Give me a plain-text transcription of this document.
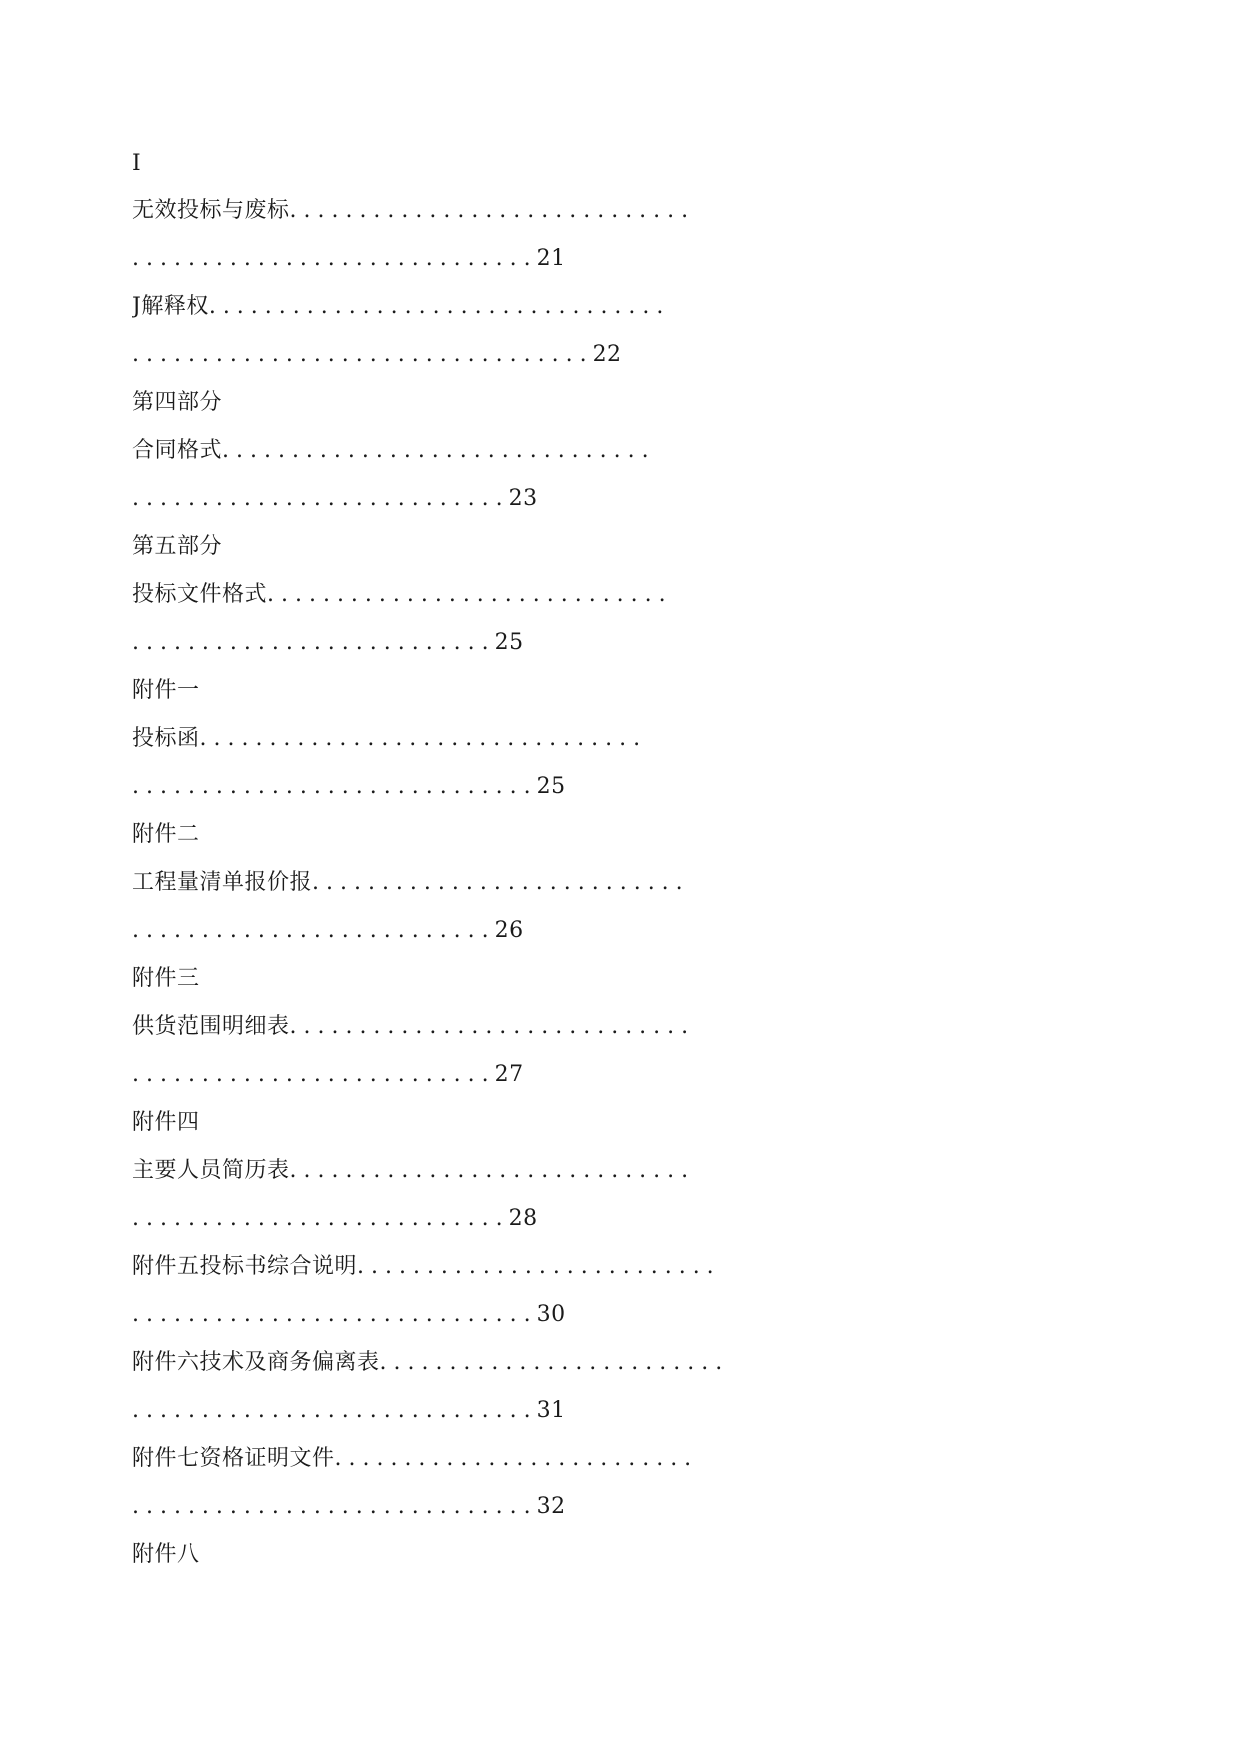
I
无效投标与废标. . . . . . . . . . . . . . . . . . . . . . . . . . . . .
. . . . . . . . . . . . . . . . . . . . . . . . . . . . . 21
J解释权. . . . . . . . . . . . . . . . . . . . . . . . . . . . . . . . .
. . . . . . . . . . . . . . . . . . . . . . . . . . . . . . . . . 22
第四部分
合同格式. . . . . . . . . . . . . . . . . . . . . . . . . . . . . . .
. . . . . . . . . . . . . . . . . . . . . . . . . . . 23
第五部分
投标文件格式. . . . . . . . . . . . . . . . . . . . . . . . . . . . .
. . . . . . . . . . . . . . . . . . . . . . . . . . 25
附件一
投标函. . . . . . . . . . . . . . . . . . . . . . . . . . . . . . . .
. . . . . . . . . . . . . . . . . . . . . . . . . . . . . 25
附件二
工程量清单报价报. . . . . . . . . . . . . . . . . . . . . . . . . . .
. . . . . . . . . . . . . . . . . . . . . . . . . . 26
附件三
供货范围明细表. . . . . . . . . . . . . . . . . . . . . . . . . . . . .
. . . . . . . . . . . . . . . . . . . . . . . . . . 27
附件四
主要人员简历表. . . . . . . . . . . . . . . . . . . . . . . . . . . . .
. . . . . . . . . . . . . . . . . . . . . . . . . . . 28
附件五投标书综合说明. . . . . . . . . . . . . . . . . . . . . . . . . .
. . . . . . . . . . . . . . . . . . . . . . . . . . . . . 30
附件六技术及商务偏离表. . . . . . . . . . . . . . . . . . . . . . . . .
. . . . . . . . . . . . . . . . . . . . . . . . . . . . . 31
附件七资格证明文件. . . . . . . . . . . . . . . . . . . . . . . . . .
. . . . . . . . . . . . . . . . . . . . . . . . . . . . . 32
附件八
